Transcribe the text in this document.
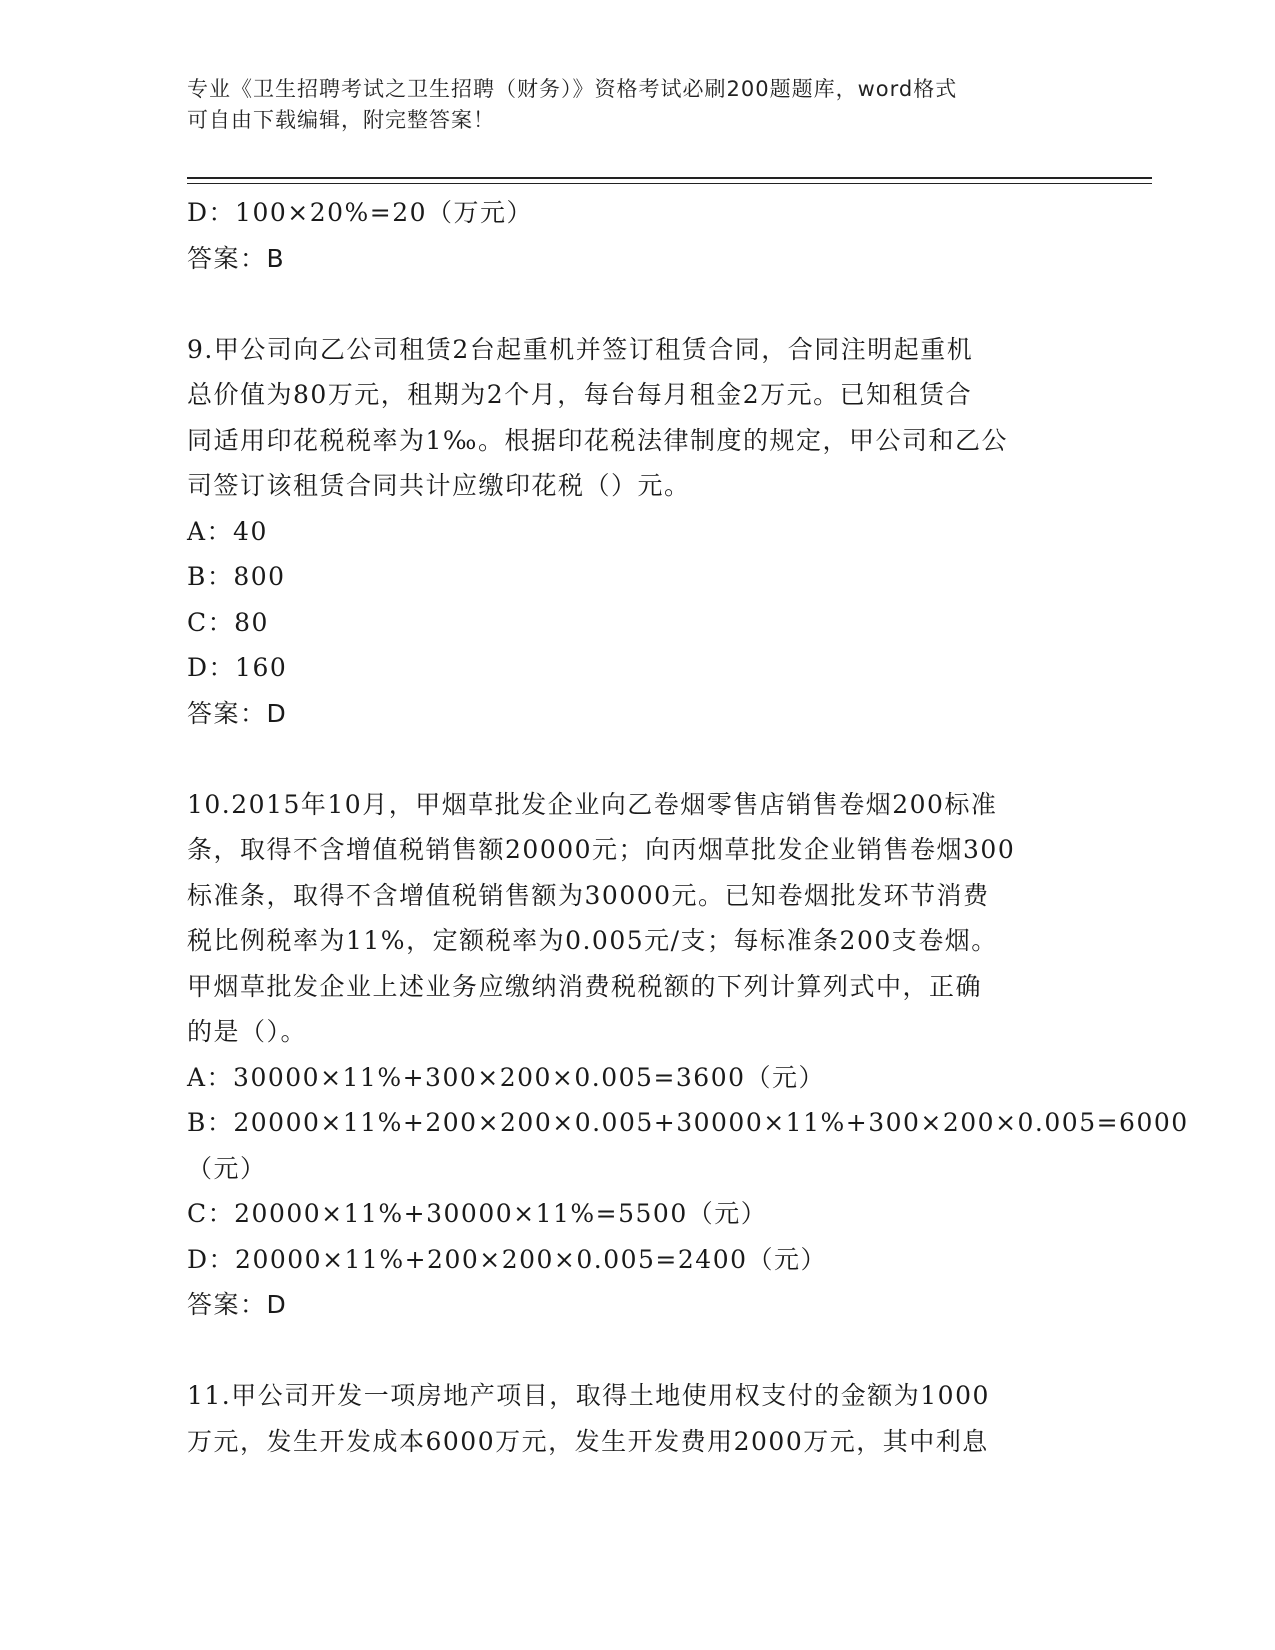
专业《卫生招聘考试之卫生招聘（财务）》资格考试必刷200题题库，word格式
可自由下载编辑，附完整答案！
D：100×20%=20（万元）
答案：B
9.甲公司向乙公司租赁2台起重机并签订租赁合同，合同注明起重机
总价值为80万元，租期为2个月，每台每月租金2万元。已知租赁合
同适用印花税税率为1‰。根据印花税法律制度的规定，甲公司和乙公
司签订该租赁合同共计应缴印花税（）元。
A：40
B：800
C：80
D：160
答案：D
10.2015年10月，甲烟草批发企业向乙卷烟零售店销售卷烟200标准
条，取得不含增值税销售额20000元；向丙烟草批发企业销售卷烟300
标准条，取得不含增值税销售额为30000元。已知卷烟批发环节消费
税比例税率为11%，定额税率为0.005元/支；每标准条200支卷烟。
甲烟草批发企业上述业务应缴纳消费税税额的下列计算列式中，正确
的是（）。
A：30000×11%+300×200×0.005=3600（元）
B：20000×11%+200×200×0.005+30000×11%+300×200×0.005=6000
（元）
C：20000×11%+30000×11%=5500（元）
D：20000×11%+200×200×0.005=2400（元）
答案：D
11.甲公司开发一项房地产项目，取得土地使用权支付的金额为1000
万元，发生开发成本6000万元，发生开发费用2000万元，其中利息
